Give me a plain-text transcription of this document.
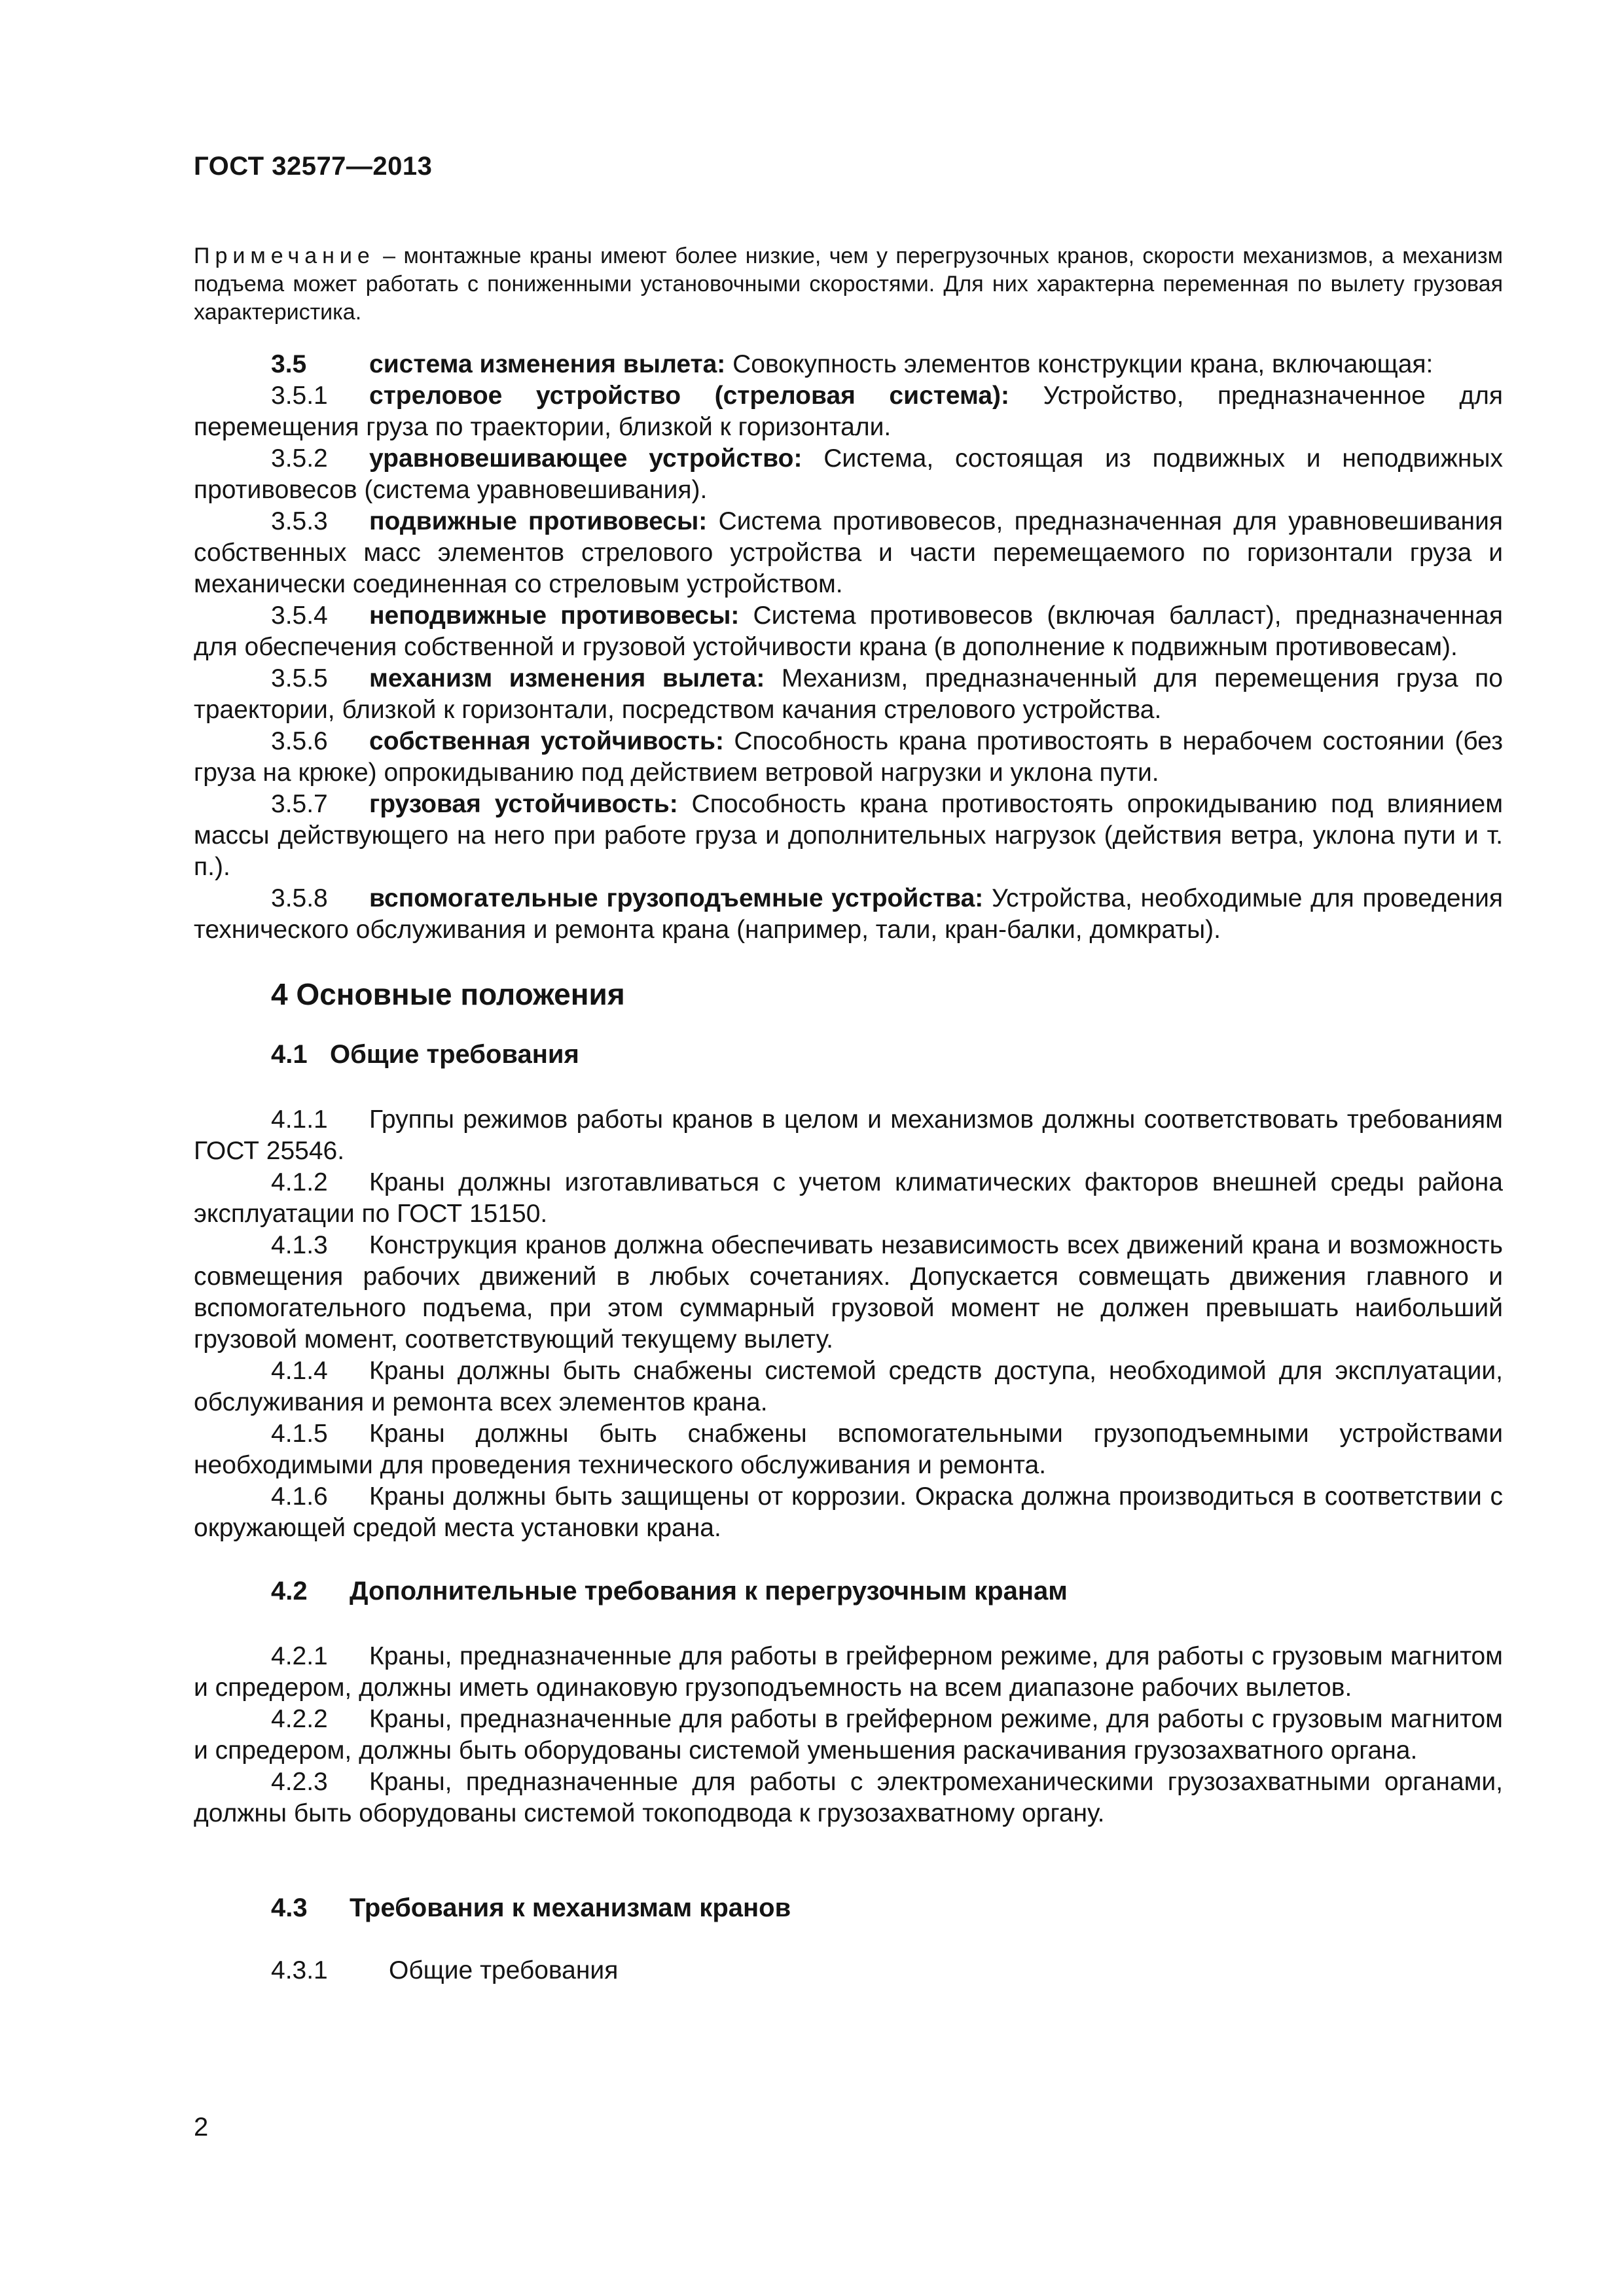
ГОСТ 32577—2013
Примечание – монтажные краны имеют более низкие, чем у перегрузочных кранов, скорости механизмов, а механизм подъема может работать с пониженными установочными скоростями. Для них характерна переменная по вылету грузовая характеристика.
3.5 система изменения вылета: Совокупность элементов конструкции крана, включающая:
3.5.1 стреловое устройство (стреловая система): Устройство, предназначенное для перемещения груза по траектории, близкой к горизонтали.
3.5.2 уравновешивающее устройство: Система, состоящая из подвижных и неподвижных противовесов (система уравновешивания).
3.5.3 подвижные противовесы: Система противовесов, предназначенная для уравновешивания собственных масс элементов стрелового устройства и части перемещаемого по горизонтали груза и механически соединенная со стреловым устройством.
3.5.4 неподвижные противовесы: Система противовесов (включая балласт), предназначенная для обеспечения собственной и грузовой устойчивости крана (в дополнение к подвижным противовесам).
3.5.5 механизм изменения вылета: Механизм, предназначенный для перемещения груза по траектории, близкой к горизонтали, посредством качания стрелового устройства.
3.5.6 собственная устойчивость: Способность крана противостоять в нерабочем состоянии (без груза на крюке) опрокидыванию под действием ветровой нагрузки и уклона пути.
3.5.7 грузовая устойчивость: Способность крана противостоять опрокидыванию под влиянием массы действующего на него при работе груза и дополнительных нагрузок (действия ветра, уклона пути и т. п.).
3.5.8 вспомогательные грузоподъемные устройства: Устройства, необходимые для проведения технического обслуживания и ремонта крана (например, тали, кран-балки, домкраты).
4 Основные положения
4.1 Общие требования
4.1.1 Группы режимов работы кранов в целом и механизмов должны соответствовать требованиям ГОСТ 25546.
4.1.2 Краны должны изготавливаться с учетом климатических факторов внешней среды района эксплуатации по ГОСТ 15150.
4.1.3 Конструкция кранов должна обеспечивать независимость всех движений крана и возможность совмещения рабочих движений в любых сочетаниях. Допускается совмещать движения главного и вспомогательного подъема, при этом суммарный грузовой момент не должен превышать наибольший грузовой момент, соответствующий текущему вылету.
4.1.4 Краны должны быть снабжены системой средств доступа, необходимой для эксплуатации, обслуживания и ремонта всех элементов крана.
4.1.5 Краны должны быть снабжены вспомогательными грузоподъемными устройствами необходимыми для проведения технического обслуживания и ремонта.
4.1.6 Краны должны быть защищены от коррозии. Окраска должна производиться в соответствии с окружающей средой места установки крана.
4.2 Дополнительные требования к перегрузочным кранам
4.2.1 Краны, предназначенные для работы в грейферном режиме, для работы с грузовым магнитом и спредером, должны иметь одинаковую грузоподъемность на всем диапазоне рабочих вылетов.
4.2.2 Краны, предназначенные для работы в грейферном режиме, для работы с грузовым магнитом и спредером, должны быть оборудованы системой уменьшения раскачивания грузозахватного органа.
4.2.3 Краны, предназначенные для работы с электромеханическими грузозахватными органами, должны быть оборудованы системой токоподвода к грузозахватному органу.
4.3 Требования к механизмам кранов
4.3.1 Общие требования
2
